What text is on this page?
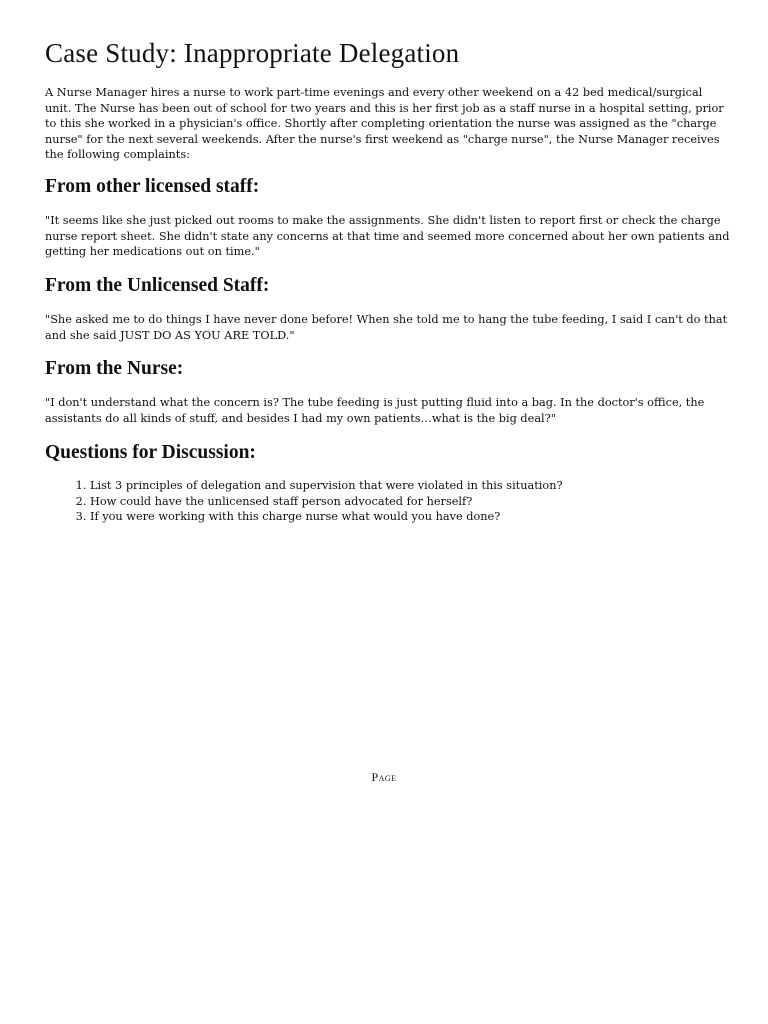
Case Study: Inappropriate Delegation

A Nurse Manager hires a nurse to work part-time evenings and every other weekend on a 42 bed medical/surgical unit. The Nurse has been out of school for two years and this is her first job as a staff nurse in a hospital setting, prior to this she worked in a physician's office. Shortly after completing orientation the nurse was assigned as the "charge nurse" for the next several weekends. After the nurse's first weekend as "charge nurse", the Nurse Manager receives the following complaints:

From other licensed staff:

"It seems like she just picked out rooms to make the assignments. She didn't listen to report first or check the charge nurse report sheet. She didn't state any concerns at that time and seemed more concerned about her own patients and getting her medications out on time."

From the Unlicensed Staff:

"She asked me to do things I have never done before! When she told me to hang the tube feeding, I said I can't do that and she said JUST DO AS YOU ARE TOLD."

From the Nurse:

"I don't understand what the concern is? The tube feeding is just putting fluid into a bag. In the doctor's office, the assistants do all kinds of stuff, and besides I had my own patients…what is the big deal?"

Questions for Discussion:
1. List 3 principles of delegation and supervision that were violated in this situation?
2. How could have the unlicensed staff person advocated for herself?
3. If you were working with this charge nurse what would you have done?
Page
